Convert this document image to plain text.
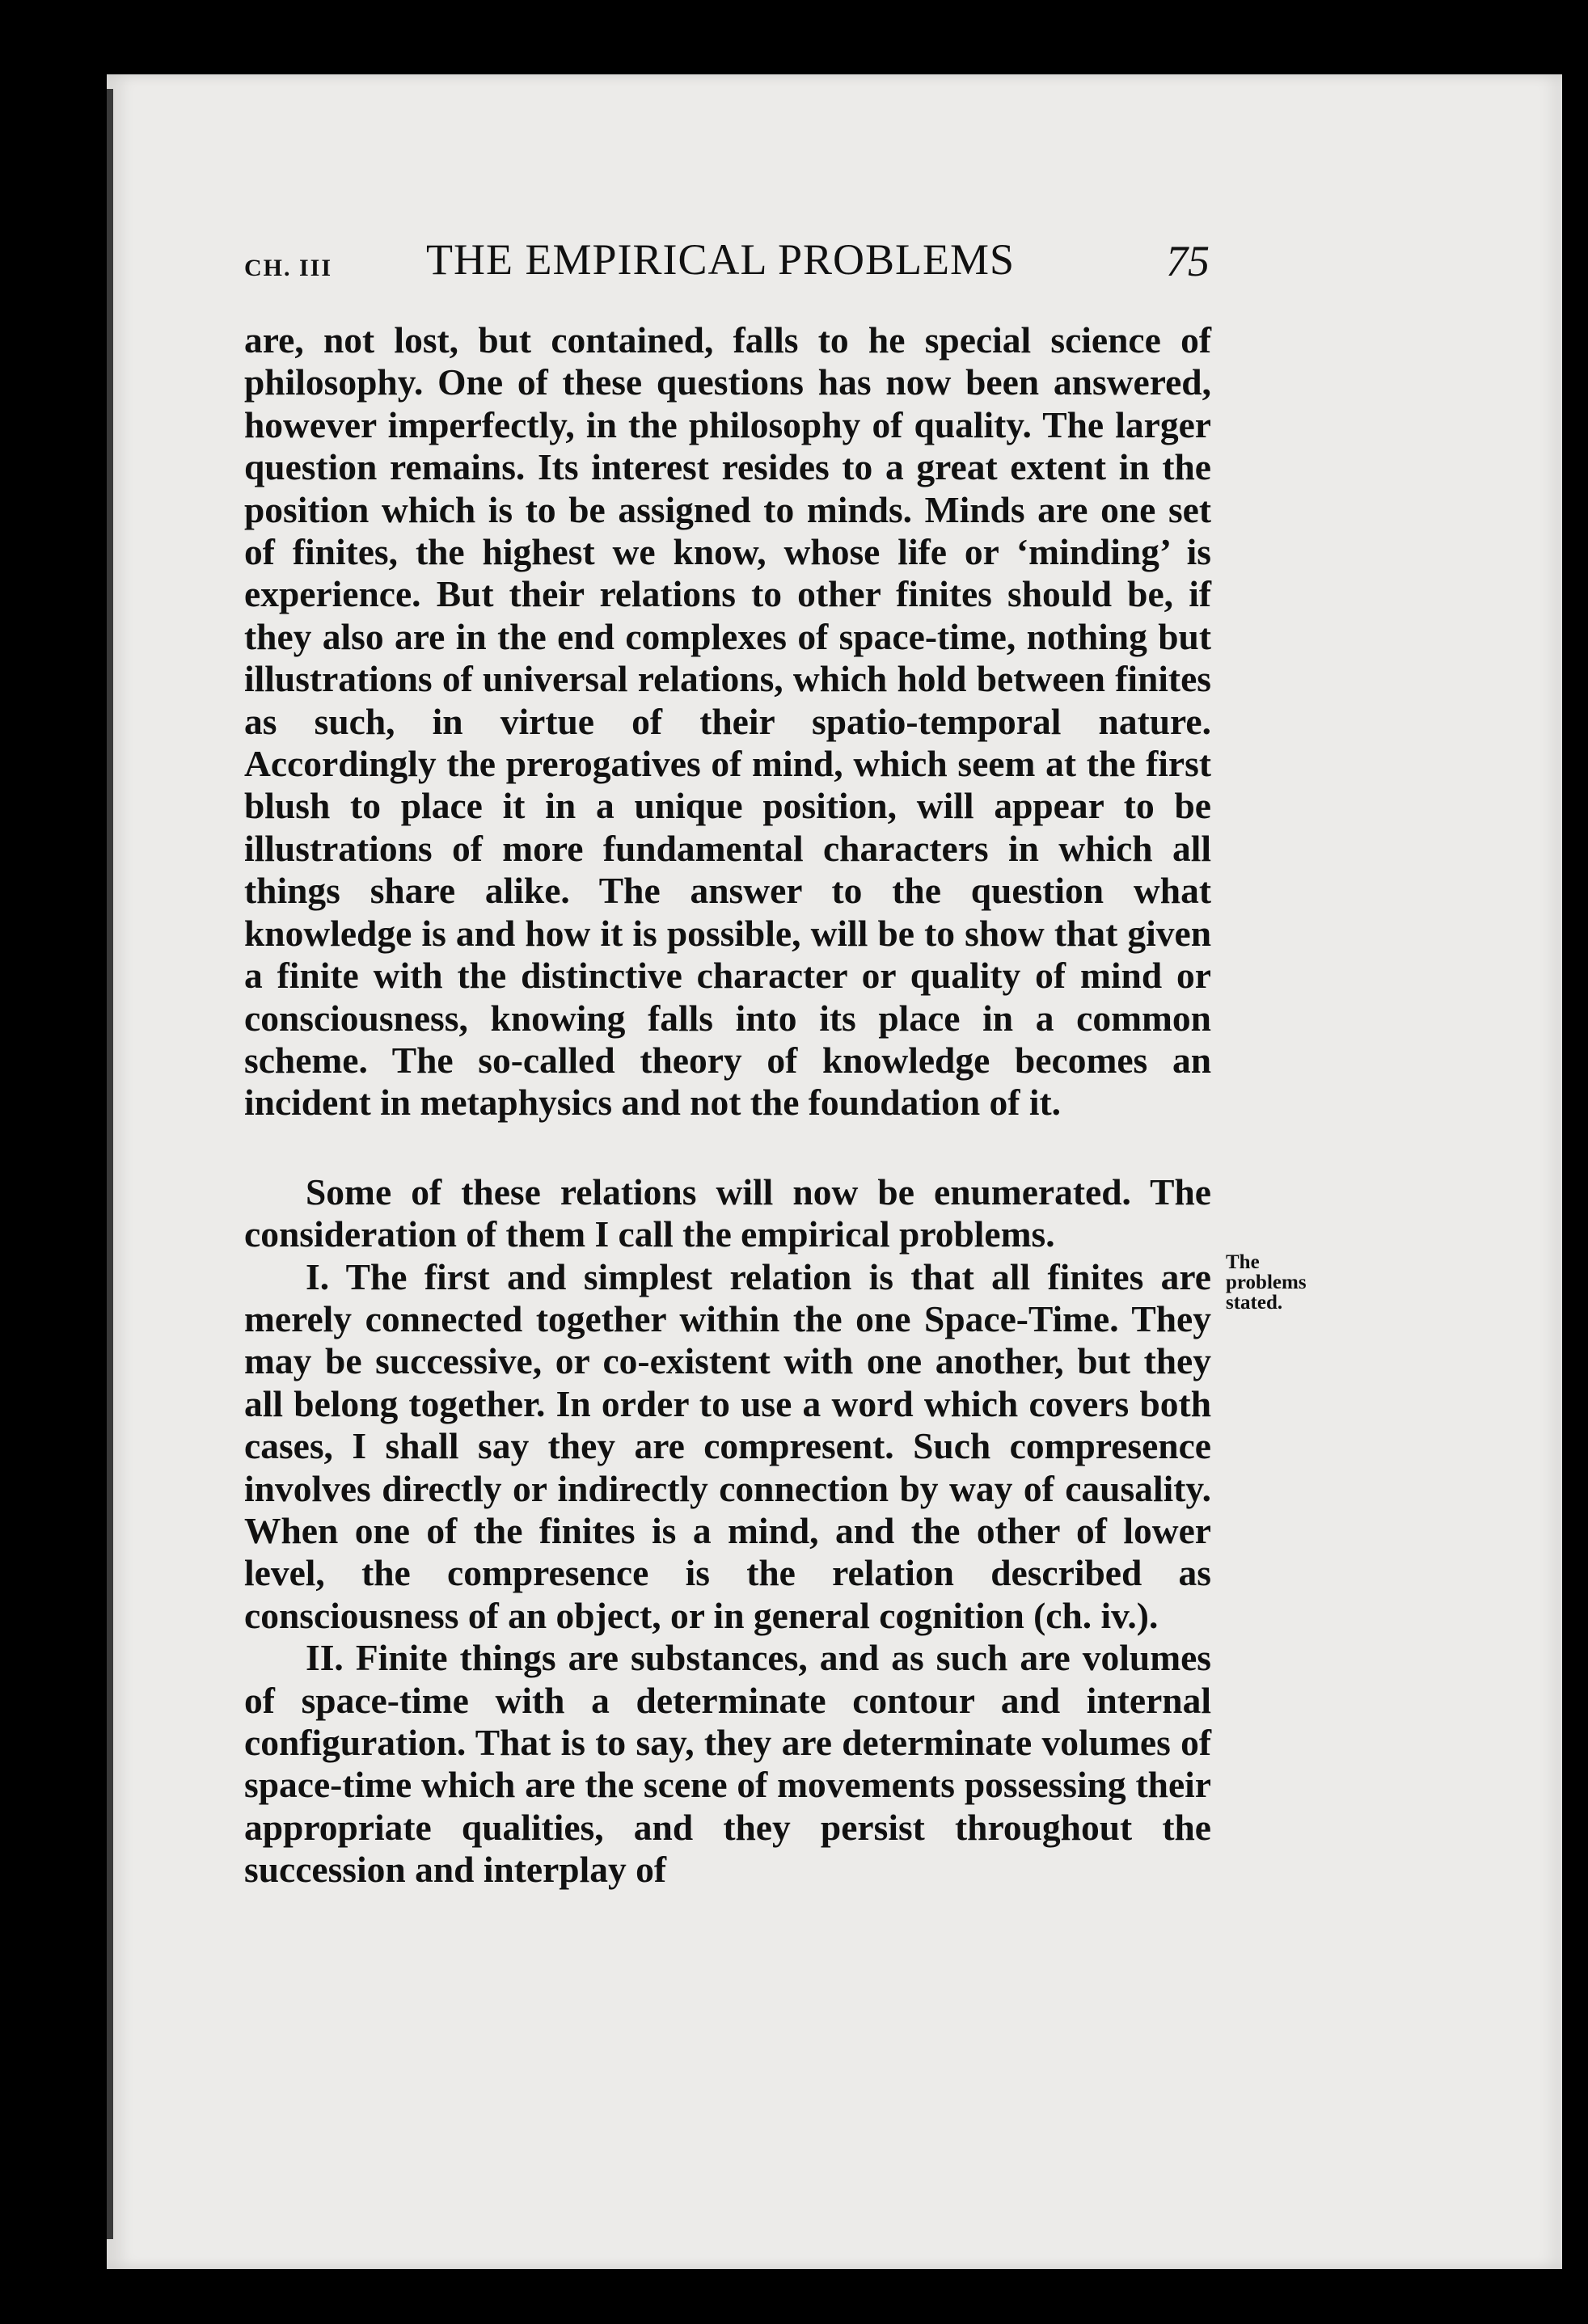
CH. III THE EMPIRICAL PROBLEMS	75

are, not lost, but contained, falls to he special science of philosophy. One of these questions has now been answered, however imperfectly, in the philosophy of quality. The larger question remains. Its interest resides to a great extent in the position which is to be assigned to minds. Minds are one set of finites, the highest we know, whose life or ‘minding’ is experience. But their relations to other finites should be, if they also are in the end complexes of space-time, nothing but illustrations of universal relations, which hold between finites as such, in virtue of their spatio-temporal nature. Accordingly the prerogatives of mind, which seem at the first blush to place it in a unique position, will appear to be illustrations of more fundamental characters in which all things share alike. The answer to the question what knowledge is and how it is possible, will be to show that given a finite with the distinctive character or quality of mind or consciousness, knowing falls into its place in a common scheme. The so-called theory of knowledge becomes an incident in metaphysics and not the foundation of it.

Some of these relations will now be enumerated. The consideration of them I call the empirical problems.

I. The first and simplest relation is that all finites are merely connected together within the one Space-Time. They may be successive, or co-existent with one another, but they all belong together. In order to use a word which covers both cases, I shall say they are compresent. Such compresence involves directly or indirectly connection by way of causality. When one of the finites is a mind, and the other of lower level, the compresence is the relation described as consciousness of an object, or in general cognition (ch. iv.).

II. Finite things are substances, and as such are volumes of space-time with a determinate contour and internal configuration. That is to say, they are determinate volumes of space-time which are the scene of movements possessing their appropriate qualities, and they persist throughout the succession and interplay of

The
problems
stated.
